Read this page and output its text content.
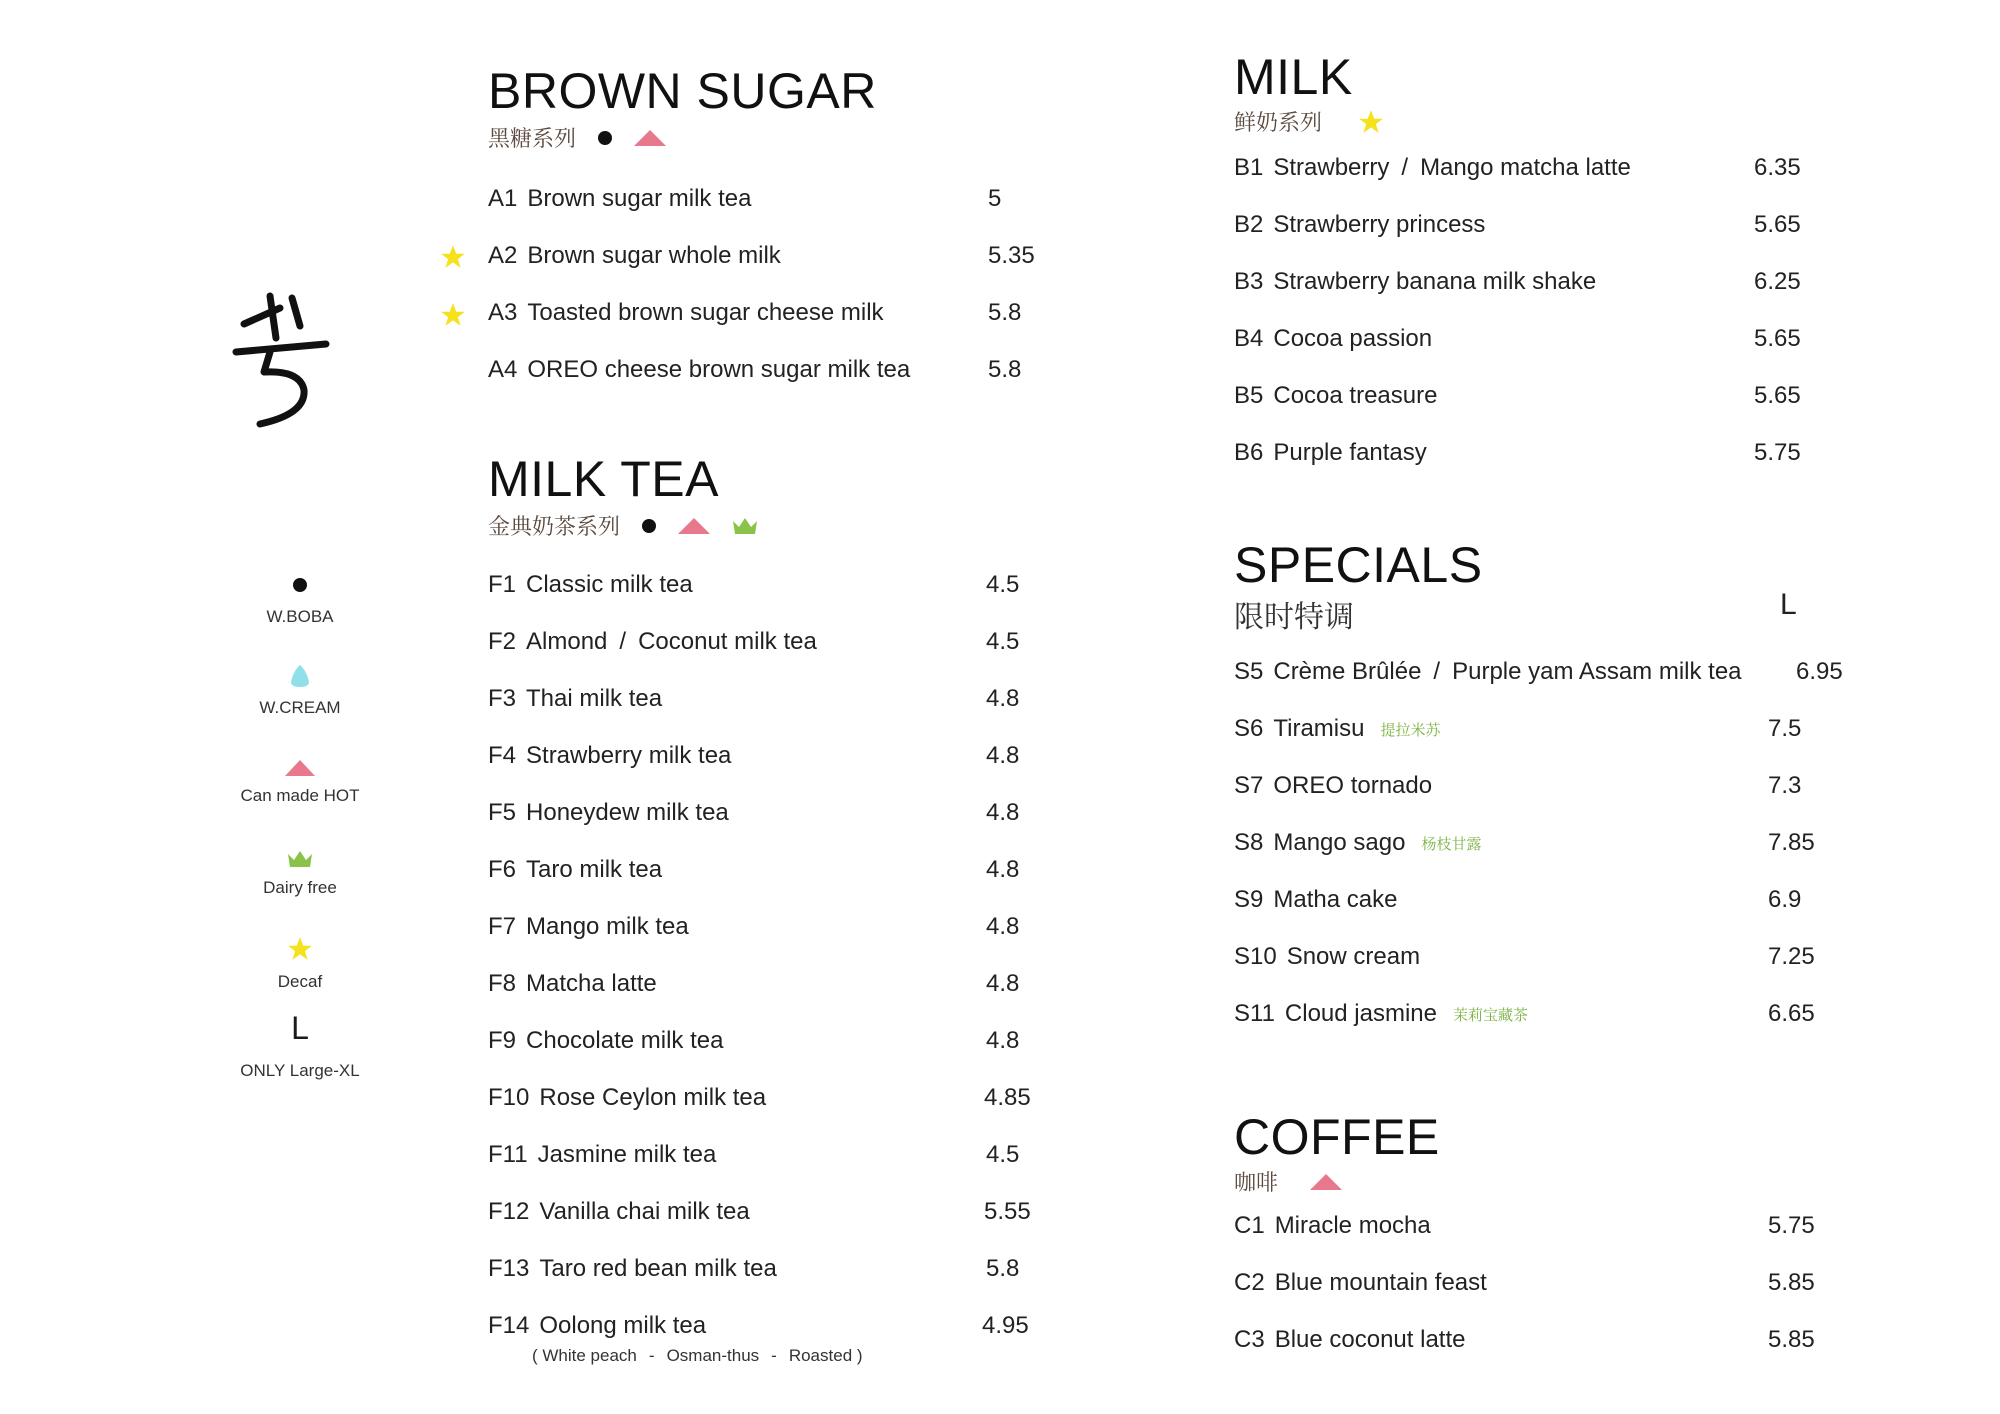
W.BOBA
W.CREAM
Can made HOT
Dairy free
Decaf
L
ONLY Large-XL
BROWN SUGAR
黑糖系列
A1 Brown sugar milk tea	5
A2 Brown sugar whole milk	5.35
A3 Toasted brown sugar cheese milk	5.8
A4 OREO cheese brown sugar milk tea	5.8
MILK TEA
金典奶茶系列
F1 Classic milk tea	4.5
F2 Almond / Coconut milk tea	4.5
F3 Thai milk tea	4.8
F4 Strawberry milk tea	4.8
F5 Honeydew milk tea	4.8
F6 Taro milk tea	4.8
F7 Mango milk tea	4.8
F8 Matcha latte	4.8
F9 Chocolate milk tea	4.8
F10 Rose Ceylon milk tea	4.85
F11 Jasmine milk tea	4.5
F12 Vanilla chai milk tea	5.55
F13 Taro red bean milk tea	5.8
F14 Oolong milk tea	4.95
( White peach - Osman-thus - Roasted )
MILK
鲜奶系列
B1 Strawberry / Mango matcha latte	6.35
B2 Strawberry princess	5.65
B3 Strawberry banana milk shake	6.25
B4 Cocoa passion	5.65
B5 Cocoa treasure	5.65
B6 Purple fantasy	5.75
SPECIALS
限时特调	L
S5 Crème Brûlée / Purple yam Assam milk tea 6.95
S6 Tiramisu 提拉米苏	7.5
S7 OREO tornado	7.3
S8 Mango sago 杨枝甘露	7.85
S9 Matha cake	6.9
S10 Snow cream	7.25
S11 Cloud jasmine 茉莉宝藏茶	6.65
COFFEE
咖啡
C1 Miracle mocha	5.75
C2 Blue mountain feast	5.85
C3 Blue coconut latte	5.85
